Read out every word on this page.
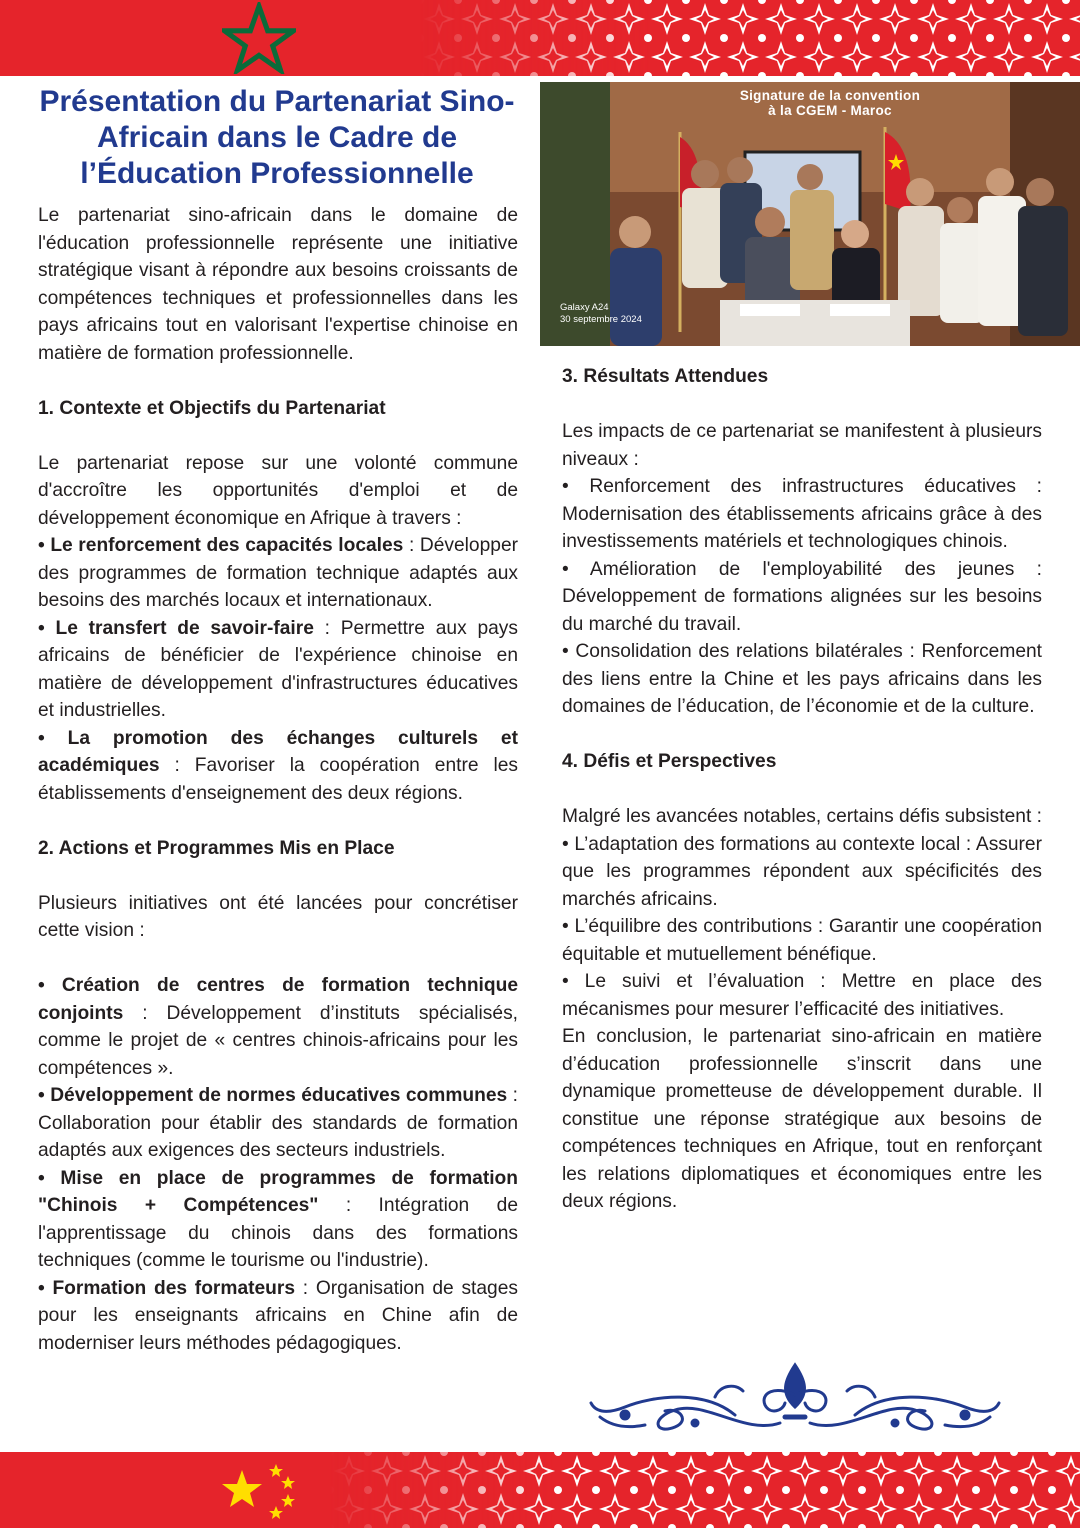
Signature de la convention
à la CGEM - Maroc
Galaxy A24
30 septembre 2024
Présentation du Partenariat Sino-Africain dans le Cadre de l’Éducation Professionnelle

Le partenariat sino-africain dans le domaine de l'éducation professionnelle représente une initiative stratégique visant à répondre aux besoins croissants de compétences techniques et professionnelles dans les pays africains tout en valorisant l'expertise chinoise en matière de formation professionnelle.

1. Contexte et Objectifs du Partenariat

Le partenariat repose sur une volonté commune d'accroître les opportunités d'emploi et de développement économique en Afrique à travers :

• Le renforcement des capacités locales : Développer des programmes de formation technique adaptés aux besoins des marchés locaux et internationaux.

• Le transfert de savoir-faire : Permettre aux pays africains de bénéficier de l'expérience chinoise en matière de développement d'infrastructures éducatives et industrielles.

• La promotion des échanges culturels et académiques : Favoriser la coopération entre les établissements d'enseignement des deux régions.

2. Actions et Programmes Mis en Place

Plusieurs initiatives ont été lancées pour concrétiser cette vision :

• Création de centres de formation technique conjoints : Développement d’instituts spécialisés, comme le projet de « centres chinois-africains pour les compétences ».

• Développement de normes éducatives communes : Collaboration pour établir des standards de formation adaptés aux exigences des secteurs industriels.

• Mise en place de programmes de formation "Chinois + Compétences" : Intégration de l'apprentissage du chinois dans des formations techniques (comme le tourisme ou l'industrie).

• Formation des formateurs : Organisation de stages pour les enseignants africains en Chine afin de moderniser leurs méthodes pédagogiques.

3. Résultats Attendues

Les impacts de ce partenariat se manifestent à plusieurs niveaux :

• Renforcement des infrastructures éducatives : Modernisation des établissements africains grâce à des investissements matériels et technologiques chinois.

• Amélioration de l'employabilité des jeunes : Développement de formations alignées sur les besoins du marché du travail.

• Consolidation des relations bilatérales : Renforcement des liens entre la Chine et les pays africains dans les domaines de l’éducation, de l’économie et de la culture.

4. Défis et Perspectives

Malgré les avancées notables, certains défis subsistent :

• L’adaptation des formations au contexte local : Assurer que les programmes répondent aux spécificités des marchés africains.

• L’équilibre des contributions : Garantir une coopération équitable et mutuellement bénéfique.

• Le suivi et l’évaluation : Mettre en place des mécanismes pour mesurer l’efficacité des initiatives.

En conclusion, le partenariat sino-africain en matière d’éducation professionnelle s’inscrit dans une dynamique prometteuse de développement durable. Il constitue une réponse stratégique aux besoins de compétences techniques en Afrique, tout en renforçant les relations diplomatiques et économiques entre les deux régions.
